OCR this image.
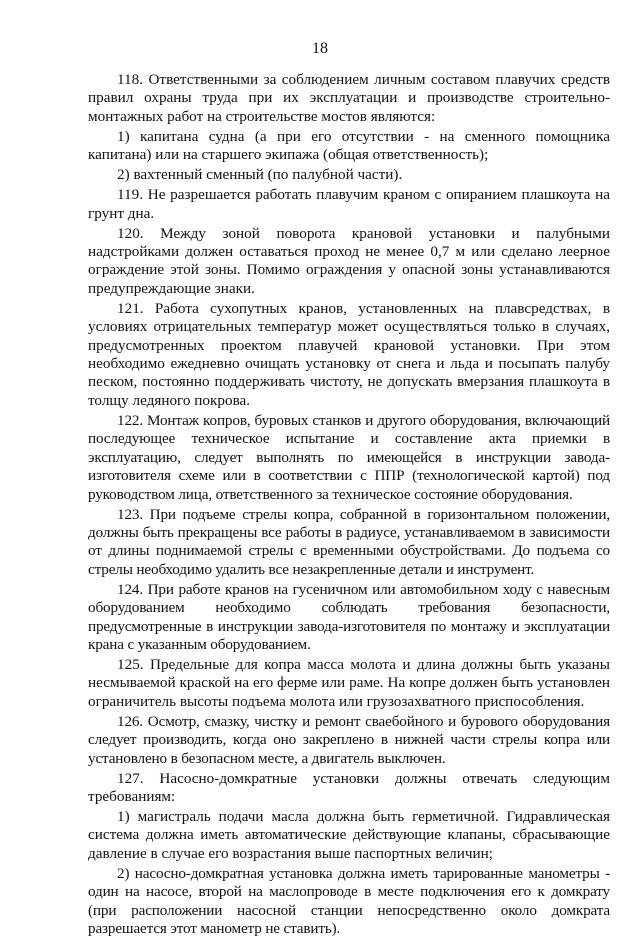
18

118. Ответственными за соблюдением личным составом плавучих средств правил охраны труда при их эксплуатации и производстве строительно-монтажных работ на строительстве мостов являются:

1) капитана судна (а при его отсутствии - на сменного помощника капитана) или на старшего экипажа (общая ответственность);

2) вахтенный сменный (по палубной части).

119. Не разрешается работать плавучим краном с опиранием плашкоута на грунт дна.

120. Между зоной поворота крановой установки и палубными надстройками должен оставаться проход не менее 0,7 м или сделано леерное ограждение этой зоны. Помимо ограждения у опасной зоны устанавливаются предупреждающие знаки.

121. Работа сухопутных кранов, установленных на плавсредствах, в условиях отрицательных температур может осуществляться только в случаях, предусмотренных проектом плавучей крановой установки. При этом необходимо ежедневно очищать установку от снега и льда и посыпать палубу песком, постоянно поддерживать чистоту, не допускать вмерзания плашкоута в толщу ледяного покрова.

122. Монтаж копров, буровых станков и другого оборудования, включающий последующее техническое испытание и составление акта приемки в эксплуатацию, следует выполнять по имеющейся в инструкции завода-изготовителя схеме или в соответствии с ППР (технологической картой) под руководством лица, ответственного за техническое состояние оборудования.

123. При подъеме стрелы копра, собранной в горизонтальном положении, должны быть прекращены все работы в радиусе, устанавливаемом в зависимости от длины поднимаемой стрелы с временными обустройствами. До подъема со стрелы необходимо удалить все незакрепленные детали и инструмент.

124. При работе кранов на гусеничном или автомобильном ходу с навесным оборудованием необходимо соблюдать требования безопасности, предусмотренные в инструкции завода-изготовителя по монтажу и эксплуатации крана с указанным оборудованием.

125. Предельные для копра масса молота и длина должны быть указаны несмываемой краской на его ферме или раме. На копре должен быть установлен ограничитель высоты подъема молота или грузозахватного приспособления.

126. Осмотр, смазку, чистку и ремонт сваебойного и бурового оборудования следует производить, когда оно закреплено в нижней части стрелы копра или установлено в безопасном месте, а двигатель выключен.

127. Насосно-домкратные установки должны отвечать следующим требованиям:

1) магистраль подачи масла должна быть герметичной. Гидравлическая система должна иметь автоматические действующие клапаны, сбрасывающие давление в случае его возрастания выше паспортных величин;

2) насосно-домкратная установка должна иметь тарированные манометры - один на насосе, второй на маслопроводе в месте подключения его к домкрату (при расположении насосной станции непосредственно около домкрата разрешается этот манометр не ставить).
